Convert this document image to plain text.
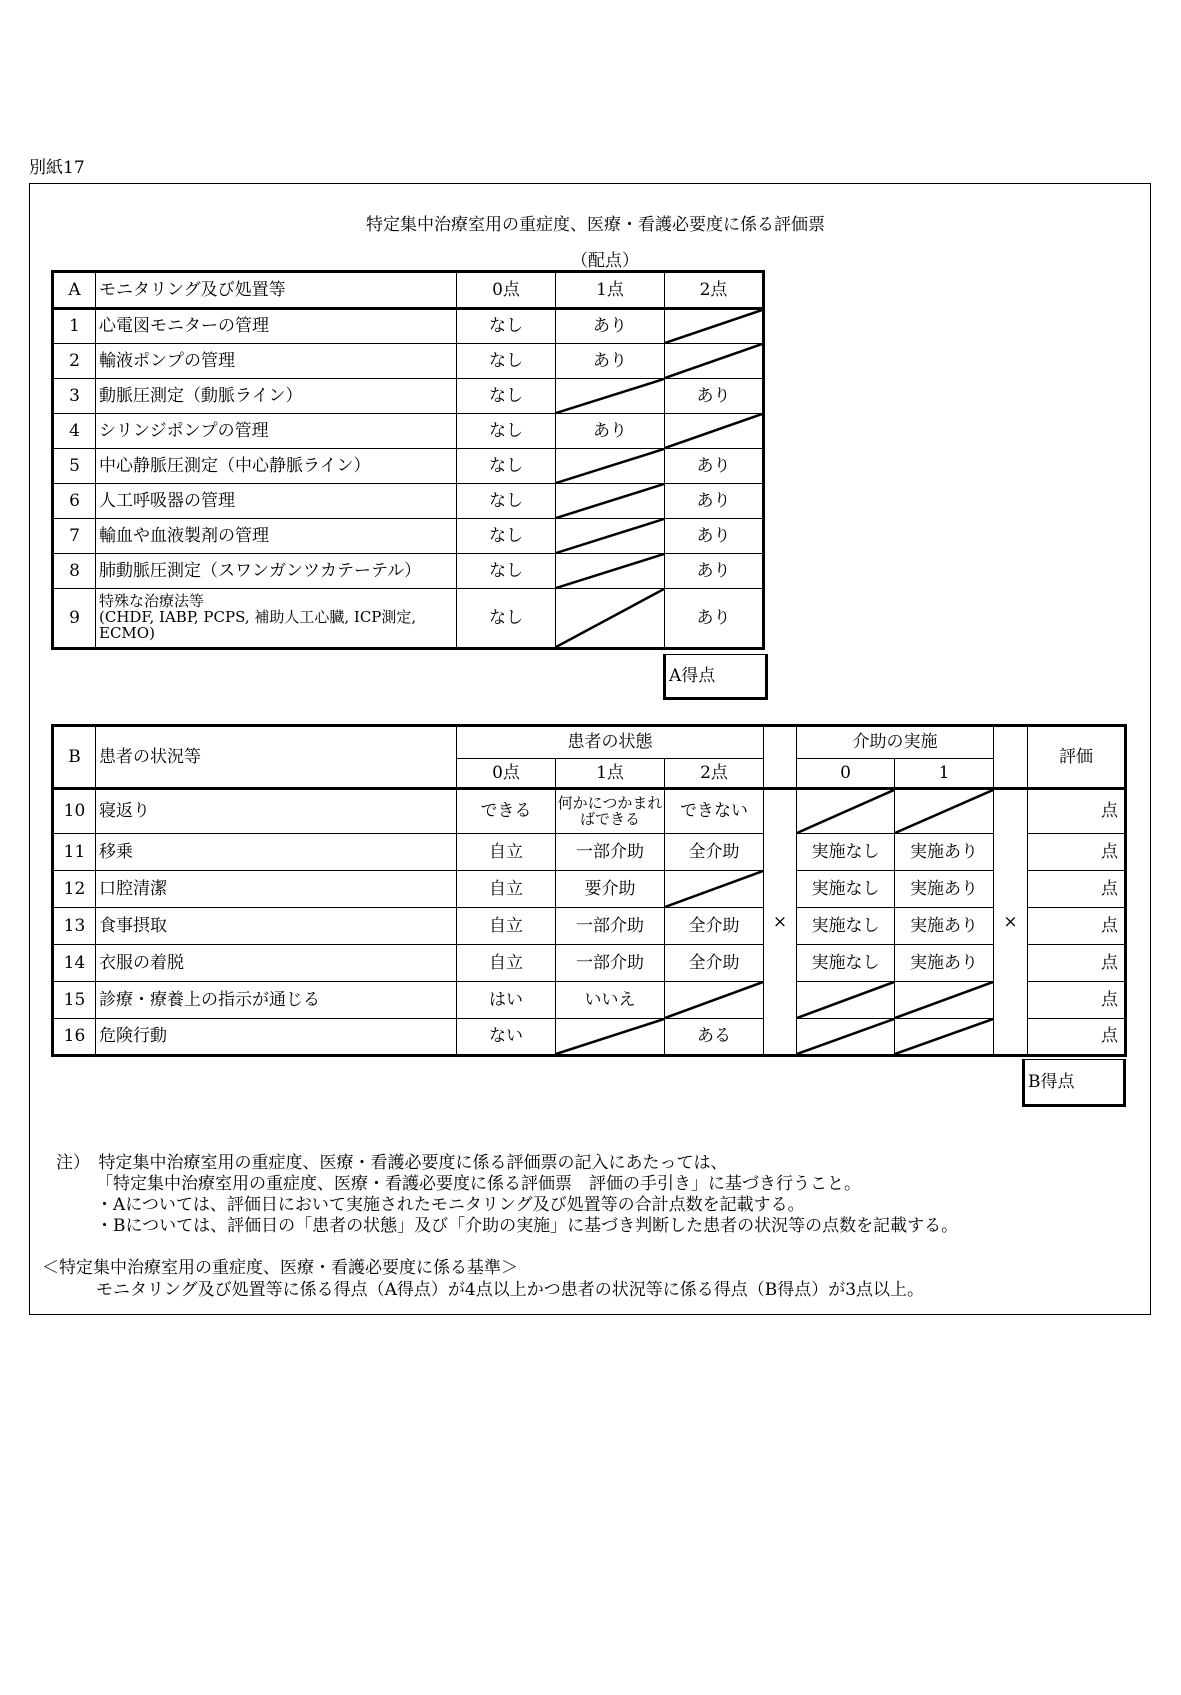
別紙17
特定集中治療室用の重症度、医療・看護必要度に係る評価票
（配点）
A	モニタリング及び処置等	0点	1点	2点
1	心電図モニターの管理	なし	あり	

2	輸液ポンプの管理	なし	あり	

3	動脈圧測定（動脈ライン）	なし		あり
4	シリンジポンプの管理	なし	あり	

5	中心静脈圧測定（中心静脈ライン）	なし		あり
6	人工呼吸器の管理	なし		あり
7	輸血や血液製剤の管理	なし		あり
8	肺動脈圧測定（スワンガンツカテーテル）	なし		あり
9	特殊な治療法等
(CHDF, IABP, PCPS, 補助人工心臓, ICP測定, ECMO)	なし		あり
A得点
B	患者の状況等	患者の状態				介助の実施			評価
		0点	1点	2点		0	1		
10	寝返り	できる	何かにつかまればできる	できない	×			×	点
11	移乗	自立	一部介助	全介助		実施なし	実施あり		点
12	口腔清潔	自立	要介助			実施なし	実施あり		点
13	食事摂取	自立	一部介助	全介助		実施なし	実施あり		点
14	衣服の着脱	自立	一部介助	全介助		実施なし	実施あり		点
15	診療・療養上の指示が通じる	はい	いいえ						点
16	危険行動	ない		ある					点
B得点
注）　特定集中治療室用の重症度、医療・看護必要度に係る評価票の記入にあたっては、
「特定集中治療室用の重症度、医療・看護必要度に係る評価票　評価の手引き」に基づき行うこと。
・Aについては、評価日において実施されたモニタリング及び処置等の合計点数を記載する。
・Bについては、評価日の「患者の状態」及び「介助の実施」に基づき判断した患者の状況等の点数を記載する。
＜特定集中治療室用の重症度、医療・看護必要度に係る基準＞
モニタリング及び処置等に係る得点（A得点）が4点以上かつ患者の状況等に係る得点（B得点）が3点以上。
